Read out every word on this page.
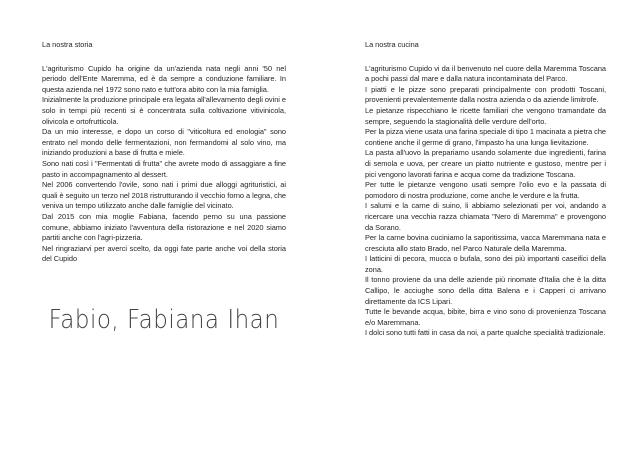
La nostra storia

L'agriturismo Cupido ha origine da un'azienda nata negli anni '50 nel periodo dell'Ente Maremma, ed è da sempre a conduzione familiare. In questa azienda nel 1972 sono nato e tutt'ora abito con la mia famiglia.

Inizialmente la produzione principale era legata all'allevamento degli ovini e solo in tempi più recenti si è concentrata sulla coltivazione vitivinicola, olivicola e ortofrutticola.

Da un mio interesse, e dopo un corso di "viticoltura ed enologia" sono entrato nel mondo delle fermentazioni, non fermandomi al solo vino, ma iniziando produzioni a base di frutta e miele.

Sono nati così i "Fermentati di frutta" che avrete modo di assaggiare a fine pasto in accompagnamento al dessert.

Nel 2006 convertendo l'ovile, sono nati i primi due alloggi agrituristici, ai quali è seguito un terzo nel 2018 ristrutturando il vecchio forno a legna, che veniva un tempo utilizzato anche dalle famiglie del vicinato.

Dal 2015 con mia moglie Fabiana, facendo perno su una passione comune, abbiamo iniziato l'avventura della ristorazione e nel 2020 siamo partiti anche con l'agri-pizzeria.

Nel ringraziarvi per averci scelto, da oggi fate parte anche voi della storia del Cupido

Fabio, Fabiana Ihan
La nostra cucina

L'agriturismo Cupido vi da il benvenuto nel cuore della Maremma Toscana a pochi passi dal mare e dalla natura incontaminata del Parco.

I piatti e le pizze sono preparati principalmente con prodotti Toscani, provenienti prevalentemente dalla nostra azienda o da aziende limitrofe.

Le pietanze rispecchiano le ricette familiari che vengono tramandate da sempre, seguendo la stagionalità delle verdure dell'orto.

Per la pizza viene usata una farina speciale di tipo 1 macinata a pietra che contiene anche il germe di grano, l'impasto ha una lunga lievitazione.

La pasta all'uovo la prepariamo usando solamente due ingredienti, farina di semola e uova, per creare un piatto nutriente e gustoso, mentre per i pici vengono lavorati farina e acqua come da tradizione Toscana.

Per tutte le pietanze vengono usati sempre l'olio evo e la passata di pomodoro di nostra produzione, come anche le verdure e la frutta.

I salumi e la carne di suino, li abbiamo selezionati per voi, andando a ricercare una vecchia razza chiamata "Nero di Maremma" e provengono da Sorano.

Per la carne bovina cuciniamo la saporitissima, vacca Maremmana nata e cresciuta allo stato Brado, nel Parco Naturale della Maremma.

I latticini di pecora, mucca o bufala, sono dei più importanti caseifici della zona.

Il tonno proviene da una delle aziende più rinomate d'Italia che è la ditta Callipo, le acciughe sono della ditta Balena e i Capperi ci arrivano direttamente da ICS Lipari.

Tutte le bevande acqua, bibite, birra e vino sono di provenienza Toscana e/o Maremmana.

I dolci sono tutti fatti in casa da noi, a parte qualche specialità tradizionale.
